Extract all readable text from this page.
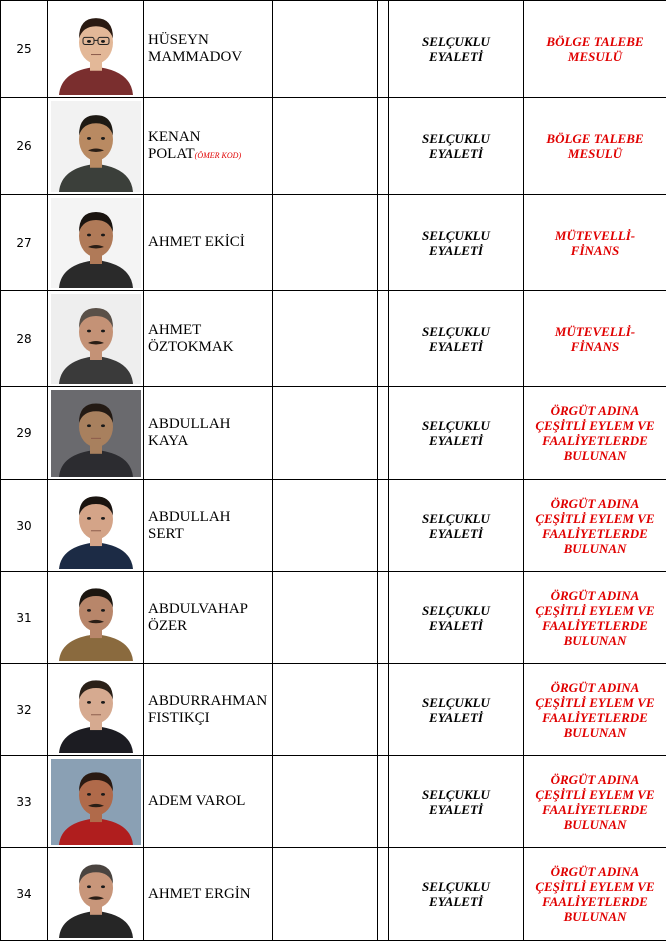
25		HÜSEYN
MAMMADOV			SELÇUKLU
EYALETİ	BÖLGE TALEBE
MESULÜ
26		KENAN
POLAT(ÖMER KOD)			SELÇUKLU
EYALETİ	BÖLGE TALEBE
MESULÜ
27		AHMET EKİCİ			SELÇUKLU
EYALETİ	MÜTEVELLİ-
FİNANS
28		AHMET
ÖZTOKMAK			SELÇUKLU
EYALETİ	MÜTEVELLİ-
FİNANS
29		ABDULLAH
KAYA			SELÇUKLU
EYALETİ	ÖRGÜT ADINA
ÇEŞİTLİ EYLEM VE
FAALİYETLERDE
BULUNAN
30		ABDULLAH
SERT			SELÇUKLU
EYALETİ	ÖRGÜT ADINA
ÇEŞİTLİ EYLEM VE
FAALİYETLERDE
BULUNAN
31		ABDULVAHAP
ÖZER			SELÇUKLU
EYALETİ	ÖRGÜT ADINA
ÇEŞİTLİ EYLEM VE
FAALİYETLERDE
BULUNAN
32		ABDURRAHMAN
FISTIKÇI			SELÇUKLU
EYALETİ	ÖRGÜT ADINA
ÇEŞİTLİ EYLEM VE
FAALİYETLERDE
BULUNAN
33		ADEM VAROL			SELÇUKLU
EYALETİ	ÖRGÜT ADINA
ÇEŞİTLİ EYLEM VE
FAALİYETLERDE
BULUNAN
34		AHMET ERGİN			SELÇUKLU
EYALETİ	ÖRGÜT ADINA
ÇEŞİTLİ EYLEM VE
FAALİYETLERDE
BULUNAN
